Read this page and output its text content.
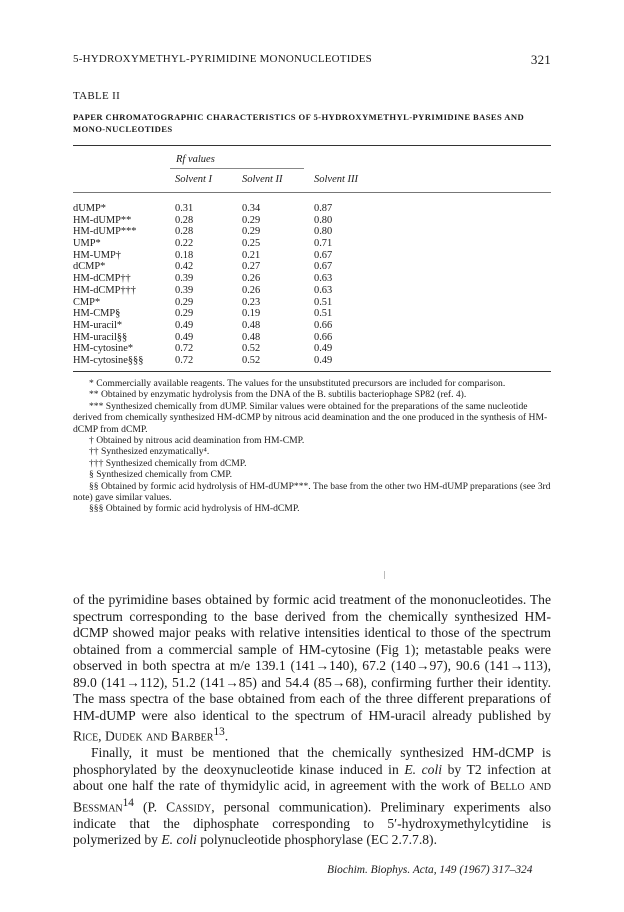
5-HYDROXYMETHYL-PYRIMIDINE MONONUCLEOTIDES	321
TABLE II
PAPER CHROMATOGRAPHIC CHARACTERISTICS OF 5-HYDROXYMETHYL-PYRIMIDINE BASES AND MONO-NUCLEOTIDES
Rf values
Solvent I	Solvent II	Solvent III
dUMP*	0.31	0.34	0.87
HM-dUMP**	0.28	0.29	0.80
HM-dUMP***	0.28	0.29	0.80
UMP*	0.22	0.25	0.71
HM-UMP†	0.18	0.21	0.67
dCMP*	0.42	0.27	0.67
HM-dCMP††	0.39	0.26	0.63
HM-dCMP†††	0.39	0.26	0.63
CMP*	0.29	0.23	0.51
HM-CMP§	0.29	0.19	0.51
HM-uracil*	0.49	0.48	0.66
HM-uracil§§	0.49	0.48	0.66
HM-cytosine*	0.72	0.52	0.49
HM-cytosine§§§	0.72	0.52	0.49

* Commercially available reagents. The values for the unsubstituted precursors are included for comparison.

** Obtained by enzymatic hydrolysis from the DNA of the B. subtilis bacteriophage SP82 (ref. 4).

*** Synthesized chemically from dUMP. Similar values were obtained for the preparations of the same nucleotide derived from chemically synthesized HM-dCMP by nitrous acid deamination and the one produced in the synthesis of HM-dCMP from dCMP.

† Obtained by nitrous acid deamination from HM-CMP.

†† Synthesized enzymatically⁴.

††† Synthesized chemically from dCMP.

§ Synthesized chemically from CMP.

§§ Obtained by formic acid hydrolysis of HM-dUMP***. The base from the other two HM-dUMP preparations (see 3rd note) gave similar values.

§§§ Obtained by formic acid hydrolysis of HM-dCMP.

of the pyrimidine bases obtained by formic acid treatment of the mononucleotides. The spectrum corresponding to the base derived from the chemically synthesized HM-dCMP showed major peaks with relative intensities identical to those of the spectrum obtained from a commercial sample of HM-cytosine (Fig 1); metastable peaks were observed in both spectra at m/e 139.1 (141→140), 67.2 (140→97), 90.6 (141→113), 89.0 (141→112), 51.2 (141→85) and 54.4 (85→68), confirming further their identity. The mass spectra of the base obtained from each of the three different preparations of HM-dUMP were also identical to the spectrum of HM-uracil already published by Rice, Dudek and Barber$^{13}$.

Finally, it must be mentioned that the chemically synthesized HM-dCMP is phosphorylated by the deoxynucleotide kinase induced in E. coli by T2 infection at about one half the rate of thymidylic acid, in agreement with the work of Bello and Bessman$^{14}$ (P. Cassidy, personal communication). Preliminary experiments also indicate that the diphosphate corresponding to 5′-hydroxymethylcytidine is polymerized by E. coli polynucleotide phosphorylase (EC 2.7.7.8).

Biochim. Biophys. Acta, 149 (1967) 317–324
